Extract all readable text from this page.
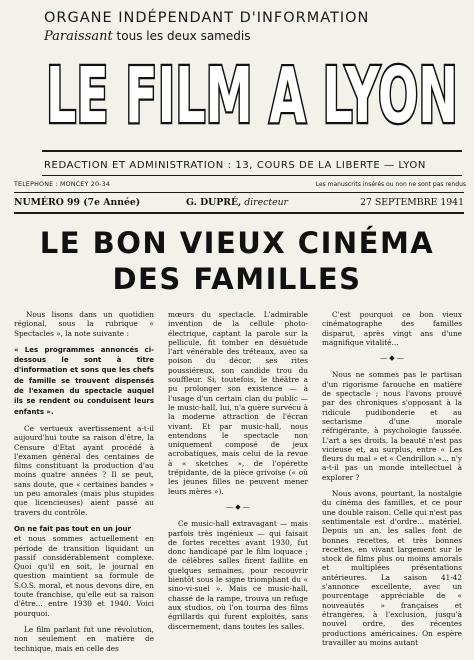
ORGANE INDÉPENDANT D'INFORMATION
Paraissant tous les deux samedis
LE FILM A LYON
REDACTION ET ADMINISTRATION : 13, COURS DE LA LIBERTE — LYON
TELEPHONE : MONCEY 20-34	Les manuscrits insérés ou non ne sont pas rendus
NUMÉRO 99 (7e Année)	G. DUPRÉ, directeur	27 SEPTEMBRE 1941
LE BON VIEUX CINÉMA
DES FAMILLES

Nous lisons dans un quotidien régional, sous la rubrique « Spectacles », la note suivante :

« Les programmes annoncés ci-dessous le sont à titre d'information et sons que les chefs de famille se trouvent dispensés de l'examen du spectacle auquel ils se rendent ou conduisent leurs enfants ».

Ce vertueux avertissement a-t-il aujourd'hui toute sa raison d'être, la Censure d'Etat ayant procédé à l'examen général des centaines de films constituant la production d'au moins quatre années ? Il se peut, sans doute, que « certaines bandes » un peu amorales (mais plus stupides que licencieuses) aient passé au travers du contrôle.

On ne fait pas tout en un jour

et nous sommes actuellement en période de transition liquidant un passif considérablement complexe. Quoi qu'il en soit, le journal en question maintient sa formule de S.O.S. moral, et nous devons dire, en toute franchise, qu'elle eut sa raison d'être... entre 1930 et 1940. Voici pourquoi.

Le film parlant fut une révolution, non seulement en matière de technique, mais en celle des

mœurs du spectacle. L'admirable invention de la cellule photo-électrique, captant la parole sur la pellicule, fit tomber en désuétude l'art vénérable des tréteaux, avec sa poison du décor, ses rites poussiéreux, son candide trou du souffleur. Si, toutefois, le théâtre a pu prolonger son existence — à l'usage d'un certain clan du public — le music-hall, lui, n'a guère survécu à la moderne attraction de l'écran vivant. Et par music-hall, nous entendons le spectacle non uniquement composé de jeux acrobatiques, mais celui de la revue à « sketches », de l'opérette trépidante, de la pièce grivoise (« où les jeunes filles ne peuvent mener leurs mères »).

— ◆ —

Ce music-hall extravagant — mais parfois très ingénieux — qui faisait de fortes recettes avant 1930, fut donc handicapé par le film loquace ; de célèbres salles firent faillite en quelques semaines, pour recouvrir bientôt sous le signe triomphant du « sino-vi-suel ». Mais ce music-hall, chassé de la rampe, trouva un refuge aux studios, où l'on tourna des films égrillards qui furent exploités, sans discernement, dans toutes les salles.

C'est pourquoi ce bon vieux cinématographe des familles disparut, après vingt ans d'une magnifique vitalité...

— ◆ —

Nous ne sommes pas le partisan d'un rigorisme farouche en matière de spectacle ; nous l'avons prouvé par des chroniques s'opposant à la ridicule pudibonderie et au sectarisme d'une morale réfrigérante, à psychologie faussée. L'art a ses droits, la beauté n'est pas vicieuse et, au surplus, entre « Les fleurs du mal » et « Cendrillon »... n'y a-t-il pas un monde intellectuel à explorer ?

Nous avons, pourtant, la nostalgie du cinéma des familles, et ce pour une double raison. Celle qui n'est pas sentimentale est d'ordre... matériel. Depuis un an, les salles font de bonnes recettes, et très bonnes recettes, en vivant largement sur le stock de films plus ou moins amorals et multiplées présentations antérieures. La saison 41-42 s'annonce excellente, avec un pourcentage appréciable de « nouveautés » françaises et étrangères, à l'exclusion, jusqu'à nouvel ordre, des récentes productions américaines. On espère travailler au moins autant
